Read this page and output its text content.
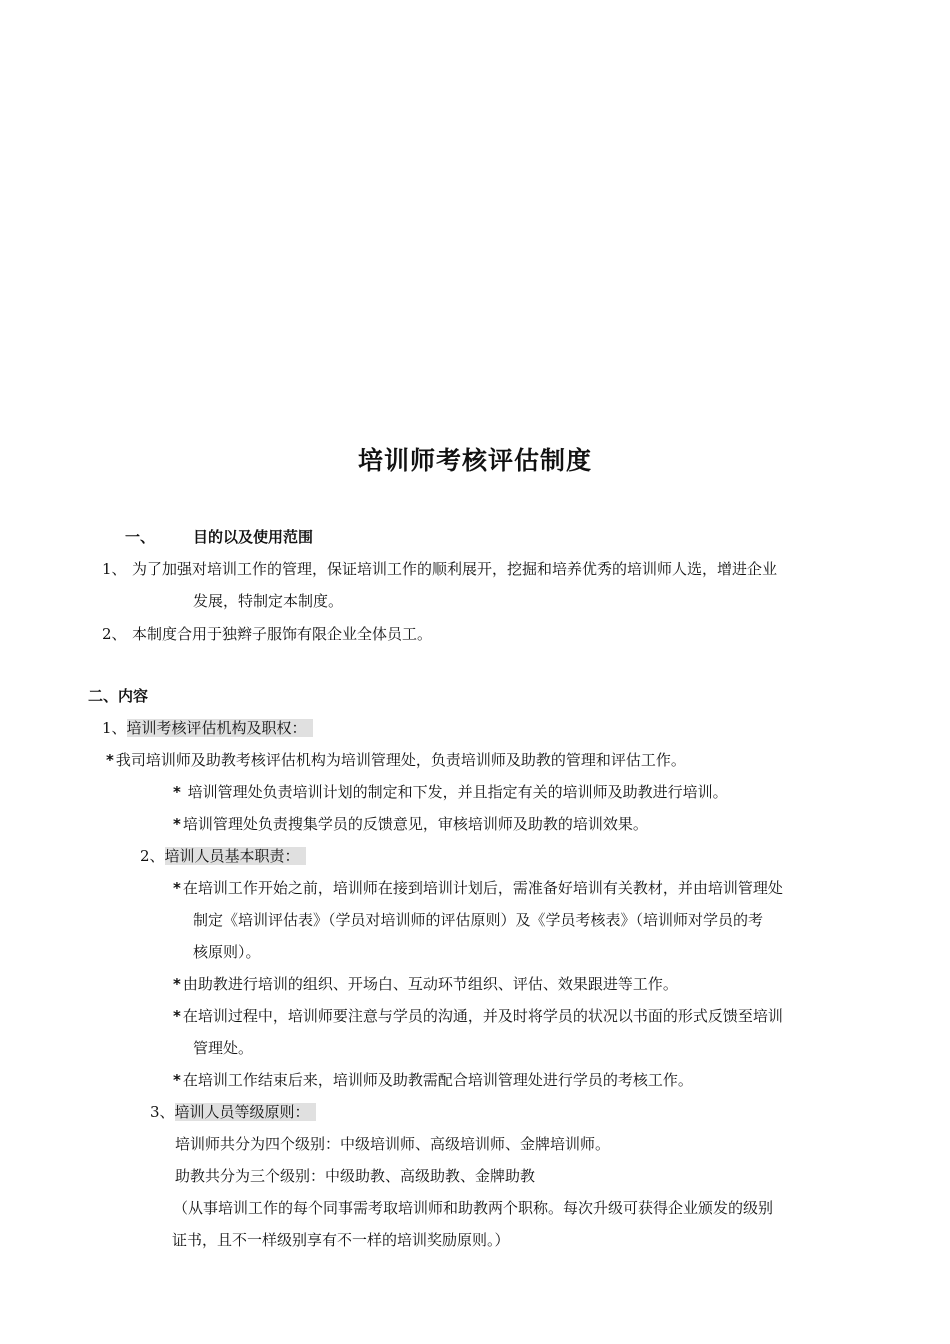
培训师考核评估制度
一、	目的以及使用范围
1、 为了加强对培训工作的管理，保证培训工作的顺利展开，挖掘和培养优秀的培训师人选，增进企业
发展，特制定本制度。
2、 本制度合用于独辫子服饰有限企业全体员工。
二、内容
1、培训考核评估机构及职权：
* 我司培训师及助教考核评估机构为培训管理处，负责培训师及助教的管理和评估工作。
* 培训管理处负责培训计划的制定和下发，并且指定有关的培训师及助教进行培训。
* 培训管理处负责搜集学员的反馈意见，审核培训师及助教的培训效果。
2、培训人员基本职责：
* 在培训工作开始之前，培训师在接到培训计划后，需准备好培训有关教材，并由培训管理处
制定《培训评估表》（学员对培训师的评估原则）及《学员考核表》（培训师对学员的考
核原则）。
* 由助教进行培训的组织、开场白、互动环节组织、评估、效果跟进等工作。
* 在培训过程中，培训师要注意与学员的沟通，并及时将学员的状况以书面的形式反馈至培训
管理处。
* 在培训工作结束后来，培训师及助教需配合培训管理处进行学员的考核工作。
3、培训人员等级原则：
培训师共分为四个级别：中级培训师、高级培训师、金牌培训师。
助教共分为三个级别：中级助教、高级助教、金牌助教
（从事培训工作的每个同事需考取培训师和助教两个职称。每次升级可获得企业颁发的级别
证书，且不一样级别享有不一样的培训奖励原则。）
